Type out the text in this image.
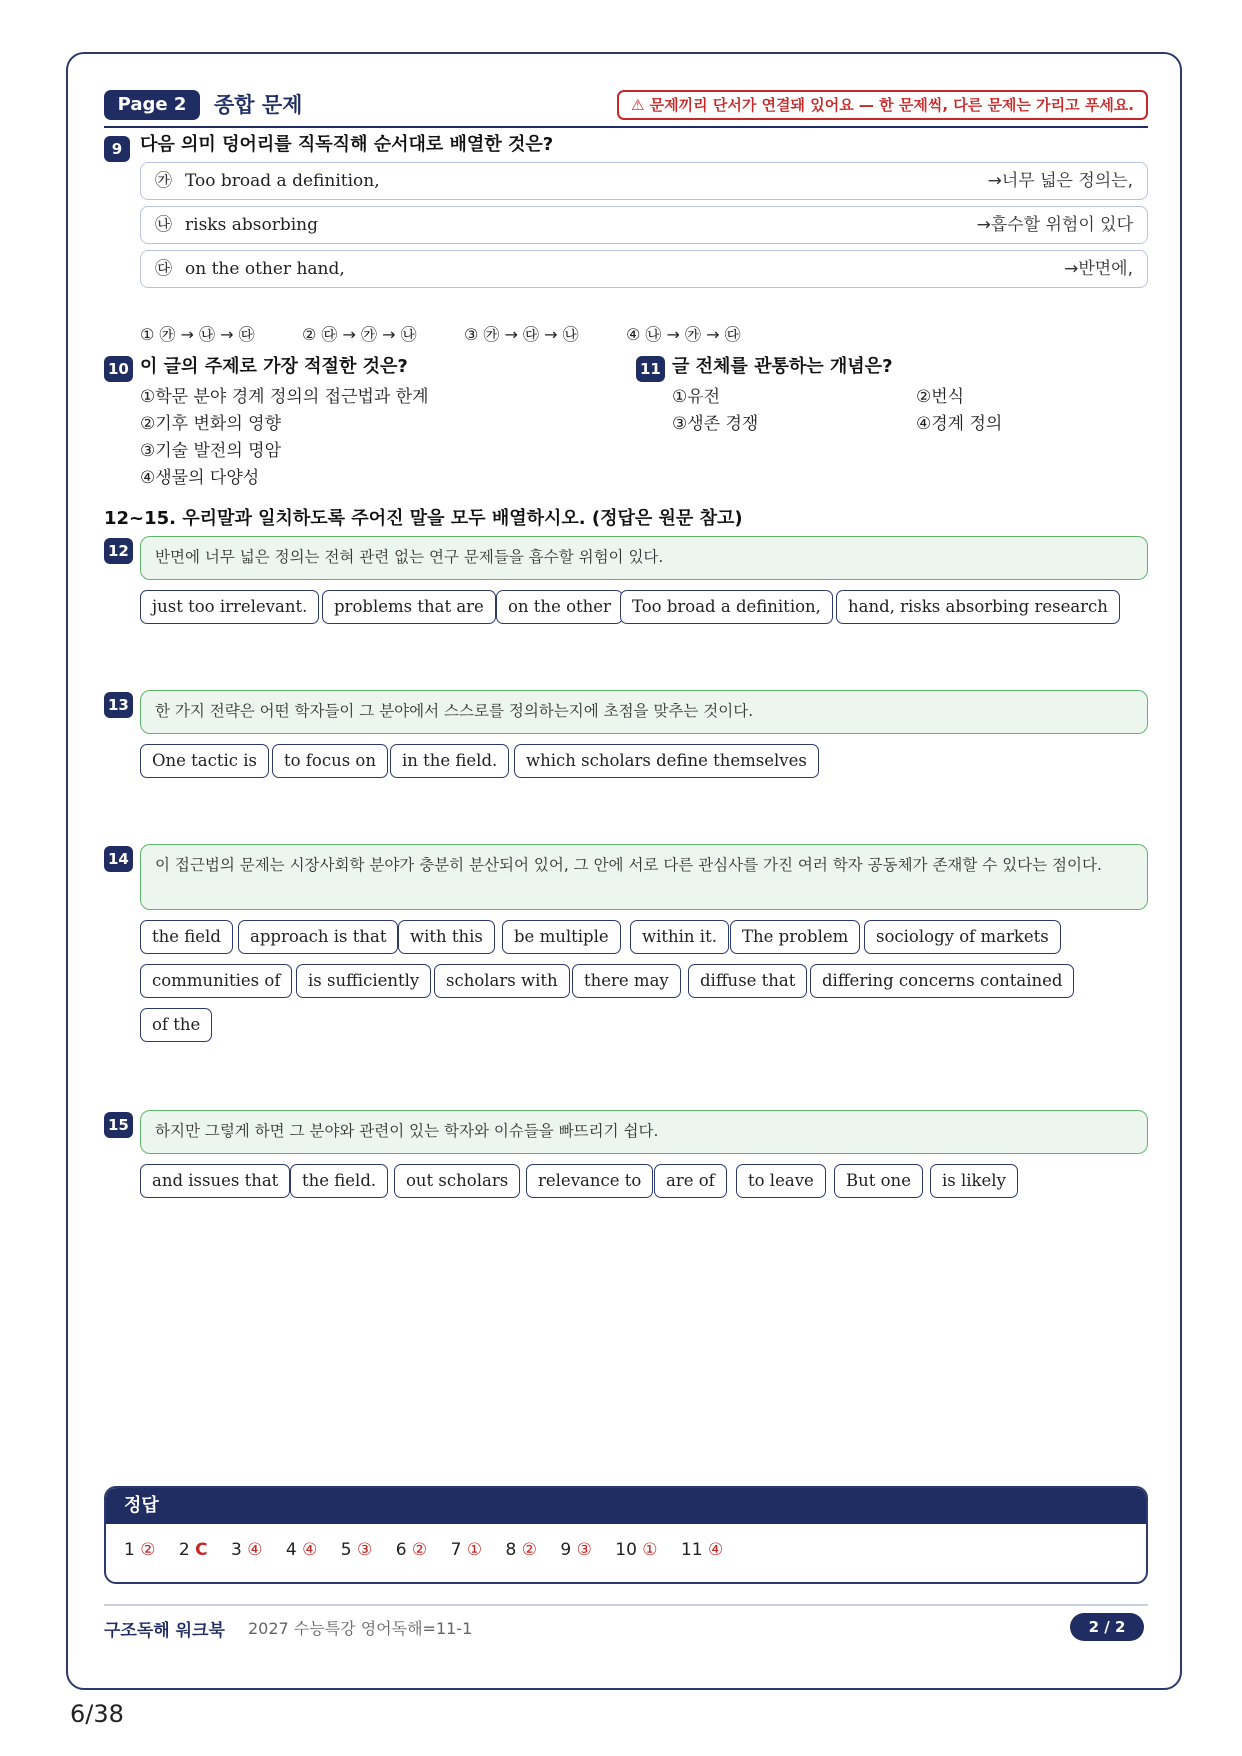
Page 2	종합 문제	⚠ 문제끼리 단서가 연결돼 있어요 — 한 문제씩, 다른 문제는 가리고 푸세요.
9 다음 의미 덩어리를 직독직해 순서대로 배열한 것은?
㉮ Too broad a definition,	→너무 넓은 정의는,
㉯ risks absorbing	→흡수할 위험이 있다
㉰ on the other hand,	→반면에,
① ㉮ → ㉯ → ㉰	② ㉰ → ㉮ → ㉯	③ ㉮ → ㉰ → ㉯	④ ㉯ → ㉮ → ㉰
10 이 글의 주제로 가장 적절한 것은?
①학문 분야 경계 정의의 접근법과 한계
②기후 변화의 영향
③기술 발전의 명암
④생물의 다양성
11 글 전체를 관통하는 개념은?
①유전	②번식
③생존 경쟁	④경계 정의
12~15. 우리말과 일치하도록 주어진 말을 모두 배열하시오. (정답은 원문 참고)
12	반면에 너무 넓은 정의는 전혀 관련 없는 연구 문제들을 흡수할 위험이 있다.
just too irrelevant.	problems that are	on the other	Too broad a definition,	hand, risks absorbing research
13	한 가지 전략은 어떤 학자들이 그 분야에서 스스로를 정의하는지에 초점을 맞추는 것이다.
One tactic is	to focus on	in the field.	which scholars define themselves
14	이 접근법의 문제는 시장사회학 분야가 충분히 분산되어 있어, 그 안에 서로 다른 관심사를 가진 여러 학자 공동체가 존재할 수 있다는 점이다.
the field	approach is that	with this	be multiple	within it.	The problem	sociology of markets
communities of	is sufficiently	scholars with	there may	diffuse that	differing concerns contained
of the
15	하지만 그렇게 하면 그 분야와 관련이 있는 학자와 이슈들을 빠뜨리기 쉽다.
and issues that	the field.	out scholars	relevance to	are of	to leave	But one	is likely
정답
1 ② 2 C 3 ④ 4 ④ 5 ③ 6 ② 7 ① 8 ② 9 ③ 10 ① 11 ④
구조독해 워크북 2027 수능특강 영어독해=11-1	2 / 2
6/38
